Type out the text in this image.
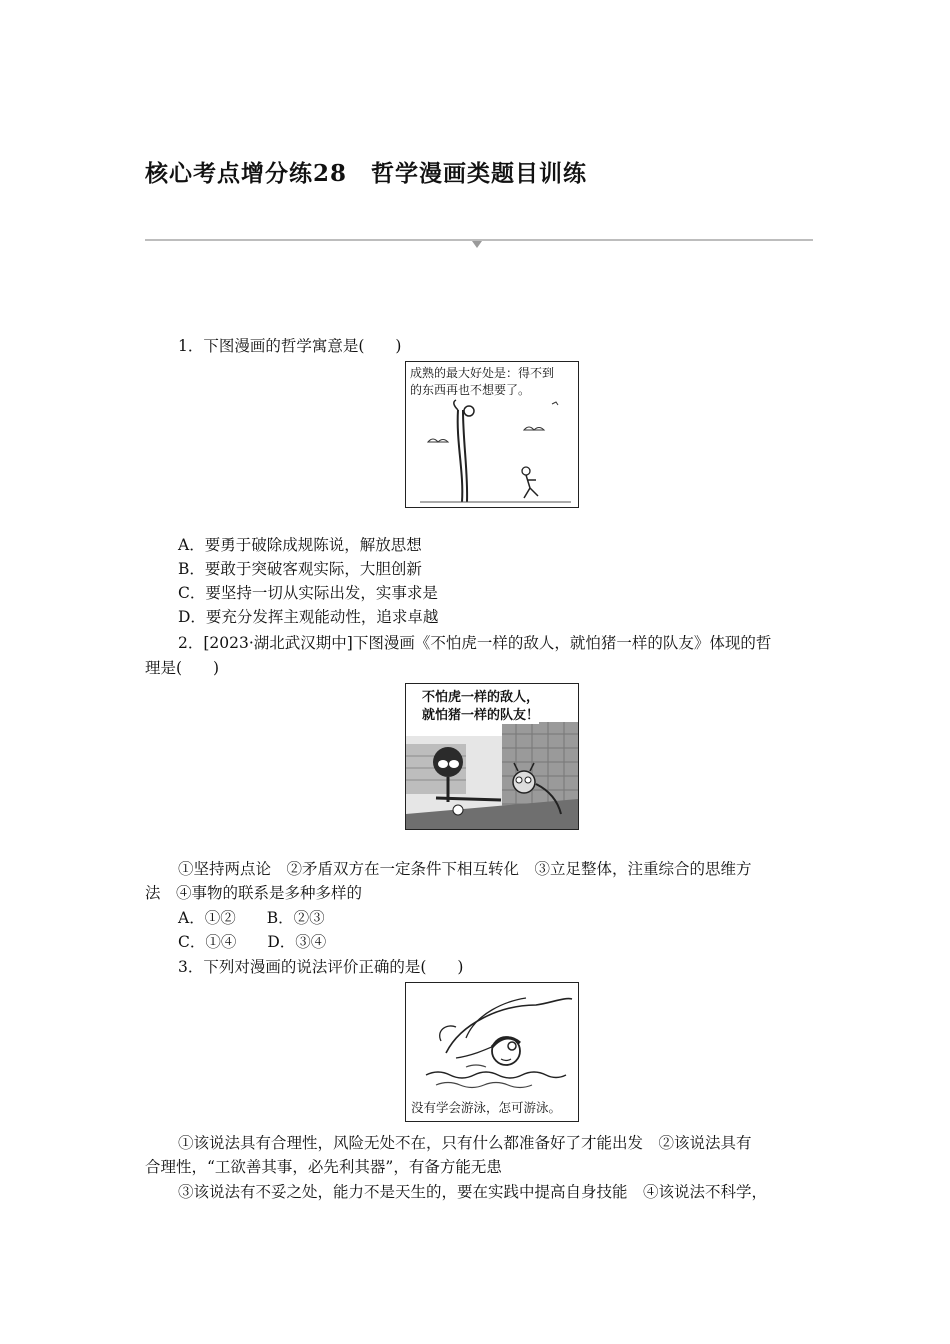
核心考点增分练28　哲学漫画类题目训练
1．下图漫画的哲学寓意是(　　)
成熟的最大好处是：得不到
的东西再也不想要了。
A．要勇于破除成规陈说，解放思想
B．要敢于突破客观实际，大胆创新
C．要坚持一切从实际出发，实事求是
D．要充分发挥主观能动性，追求卓越
2．[2023·湖北武汉期中]下图漫画《不怕虎一样的敌人，就怕猪一样的队友》体现的哲
理是(　　)
不怕虎一样的敌人，
就怕猪一样的队友！
①坚持两点论　②矛盾双方在一定条件下相互转化　③立足整体，注重综合的思维方
法　④事物的联系是多种多样的
A．①②　　B．②③
C．①④　　D．③④
3．下列对漫画的说法评价正确的是(　　)
没有学会游泳，怎可游泳。
①该说法具有合理性，风险无处不在，只有什么都准备好了才能出发　②该说法具有
合理性，“工欲善其事，必先利其器”，有备方能无患
③该说法有不妥之处，能力不是天生的，要在实践中提高自身技能　④该说法不科学，
